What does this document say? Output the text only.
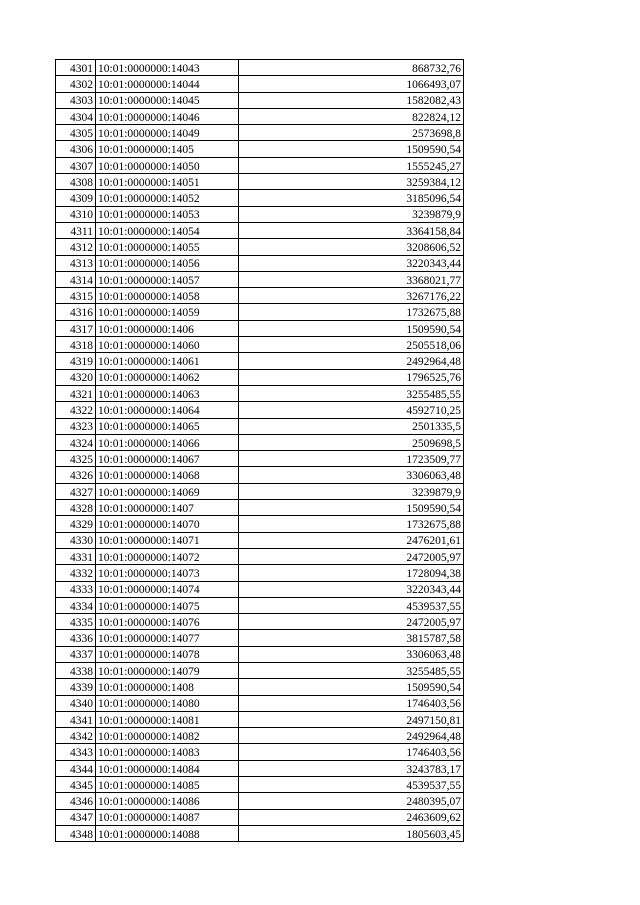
4301	10:01:0000000:14043	868732,76
4302	10:01:0000000:14044	1066493,07
4303	10:01:0000000:14045	1582082,43
4304	10:01:0000000:14046	822824,12
4305	10:01:0000000:14049	2573698,8
4306	10:01:0000000:1405	1509590,54
4307	10:01:0000000:14050	1555245,27
4308	10:01:0000000:14051	3259384,12
4309	10:01:0000000:14052	3185096,54
4310	10:01:0000000:14053	3239879,9
4311	10:01:0000000:14054	3364158,84
4312	10:01:0000000:14055	3208606,52
4313	10:01:0000000:14056	3220343,44
4314	10:01:0000000:14057	3368021,77
4315	10:01:0000000:14058	3267176,22
4316	10:01:0000000:14059	1732675,88
4317	10:01:0000000:1406	1509590,54
4318	10:01:0000000:14060	2505518,06
4319	10:01:0000000:14061	2492964,48
4320	10:01:0000000:14062	1796525,76
4321	10:01:0000000:14063	3255485,55
4322	10:01:0000000:14064	4592710,25
4323	10:01:0000000:14065	2501335,5
4324	10:01:0000000:14066	2509698,5
4325	10:01:0000000:14067	1723509,77
4326	10:01:0000000:14068	3306063,48
4327	10:01:0000000:14069	3239879,9
4328	10:01:0000000:1407	1509590,54
4329	10:01:0000000:14070	1732675,88
4330	10:01:0000000:14071	2476201,61
4331	10:01:0000000:14072	2472005,97
4332	10:01:0000000:14073	1728094,38
4333	10:01:0000000:14074	3220343,44
4334	10:01:0000000:14075	4539537,55
4335	10:01:0000000:14076	2472005,97
4336	10:01:0000000:14077	3815787,58
4337	10:01:0000000:14078	3306063,48
4338	10:01:0000000:14079	3255485,55
4339	10:01:0000000:1408	1509590,54
4340	10:01:0000000:14080	1746403,56
4341	10:01:0000000:14081	2497150,81
4342	10:01:0000000:14082	2492964,48
4343	10:01:0000000:14083	1746403,56
4344	10:01:0000000:14084	3243783,17
4345	10:01:0000000:14085	4539537,55
4346	10:01:0000000:14086	2480395,07
4347	10:01:0000000:14087	2463609,62
4348	10:01:0000000:14088	1805603,45
